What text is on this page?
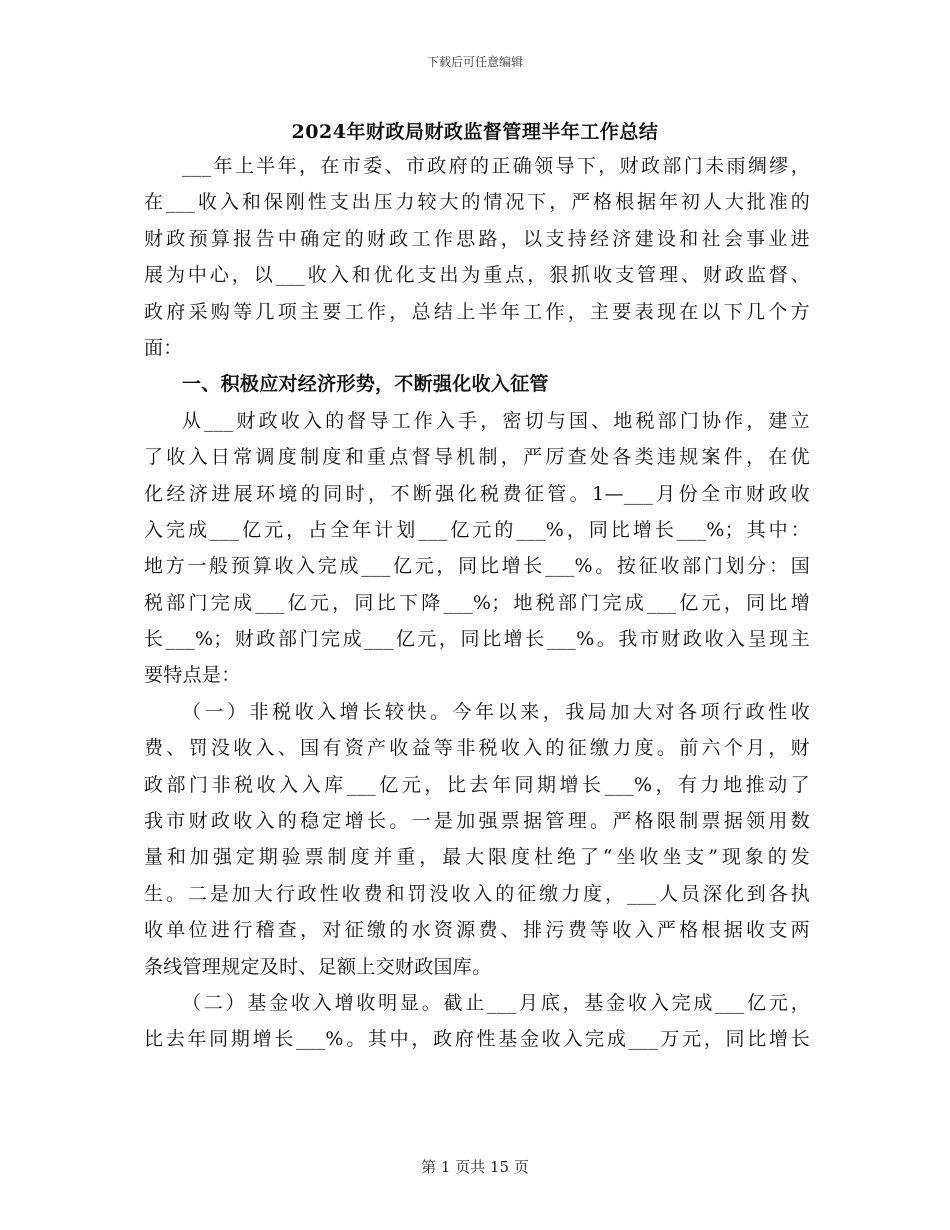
下载后可任意编辑
2024年财政局财政监督管理半年工作总结
___年上半年，在市委、市政府的正确领导下，财政部门未雨绸缪，
在___收入和保刚性支出压力较大的情况下，严格根据年初人大批准的
财政预算报告中确定的财政工作思路，以支持经济建设和社会事业进
展为中心，以___收入和优化支出为重点，狠抓收支管理、财政监督、
政府采购等几项主要工作，总结上半年工作，主要表现在以下几个方
面：
一、积极应对经济形势，不断强化收入征管
从___财政收入的督导工作入手，密切与国、地税部门协作，建立
了收入日常调度制度和重点督导机制，严厉查处各类违规案件，在优
化经济进展环境的同时，不断强化税费征管。1—___月份全市财政收
入完成___亿元，占全年计划___亿元的___%，同比增长___%；其中：
地方一般预算收入完成___亿元，同比增长___%。按征收部门划分：国
税部门完成___亿元，同比下降___%；地税部门完成___亿元，同比增
长___%；财政部门完成___亿元，同比增长___%。我市财政收入呈现主
要特点是：
（一）非税收入增长较快。今年以来，我局加大对各项行政性收
费、罚没收入、国有资产收益等非税收入的征缴力度。前六个月，财
政部门非税收入入库___亿元，比去年同期增长___%，有力地推动了
我市财政收入的稳定增长。一是加强票据管理。严格限制票据领用数
量和加强定期验票制度并重，最大限度杜绝了“坐收坐支”现象的发
生。二是加大行政性收费和罚没收入的征缴力度，___人员深化到各执
收单位进行稽查，对征缴的水资源费、排污费等收入严格根据收支两
条线管理规定及时、足额上交财政国库。
（二）基金收入增收明显。截止___月底，基金收入完成___亿元，
比去年同期增长___%。其中，政府性基金收入完成___万元，同比增长
第 1 页共 15 页
